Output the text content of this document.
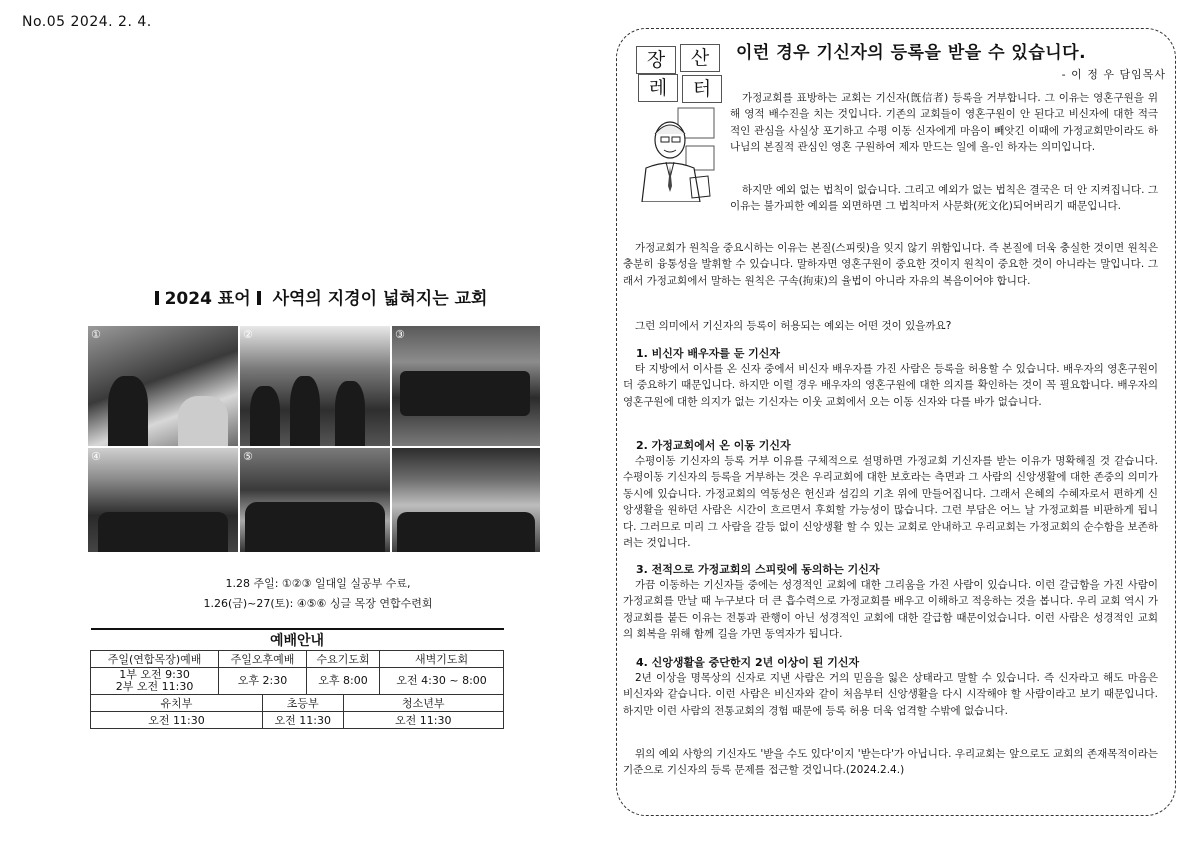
No.05 2024. 2. 4.
2024 표어 사역의 지경이 넓혀지는 교회
①	②	③
④	⑤
1.28 주일: ①②③ 일대일 실공부 수료,
1.26(금)~27(토): ④⑤⑥ 싱글 목장 연합수련회
예배안내					
주일(연합목장)예배	주일오후예배		수요기도회		새벽기도회
1부 오전 9:30
2부 오전 11:30	오후 2:30		오후 8:00		오전 4:30 ~ 8:00
유치부		초등부		청소년부	
오전 11:30		오전 11:30		오전 11:30	
장	산
레	터
이런 경우 기신자의 등록을 받을 수 있습니다.
- 이 정 우 담임목사

가정교회를 표방하는 교회는 기신자(旣信者) 등록을 거부합니다. 그 이유는 영혼구원을 위해 영적 배수진을 치는 것입니다. 기존의 교회들이 영혼구원이 안 된다고 비신자에 대한 적극적인 관심을 사실상 포기하고 수평 이동 신자에게 마음이 빼앗긴 이때에 가정교회만이라도 하나님의 본질적 관심인 영혼 구원하여 제자 만드는 일에 올-인 하자는 의미입니다.

하지만 예외 없는 법칙이 없습니다. 그리고 예외가 없는 법칙은 결국은 더 안 지켜집니다. 그 이유는 불가피한 예외를 외면하면 그 법칙마저 사문화(死文化)되어버리기 때문입니다.

가정교회가 원칙을 중요시하는 이유는 본질(스피릿)을 잊지 않기 위함입니다. 즉 본질에 더욱 충실한 것이면 원칙은 충분히 융통성을 발휘할 수 있습니다. 말하자면 영혼구원이 중요한 것이지 원칙이 중요한 것이 아니라는 말입니다. 그래서 가정교회에서 말하는 원칙은 구속(拘束)의 율법이 아니라 자유의 복음이어야 합니다.

그런 의미에서 기신자의 등록이 허용되는 예외는 어떤 것이 있을까요?

1. 비신자 배우자를 둔 기신자

타 지방에서 이사를 온 신자 중에서 비신자 배우자를 가진 사람은 등록을 허용할 수 있습니다. 배우자의 영혼구원이 더 중요하기 때문입니다. 하지만 이럴 경우 배우자의 영혼구원에 대한 의지를 확인하는 것이 꼭 필요합니다. 배우자의 영혼구원에 대한 의지가 없는 기신자는 이웃 교회에서 오는 이동 신자와 다를 바가 없습니다.

2. 가정교회에서 온 이동 기신자

수평이동 기신자의 등록 거부 이유를 구체적으로 설명하면 가정교회 기신자를 받는 이유가 명확해질 것 같습니다. 수평이동 기신자의 등록을 거부하는 것은 우리교회에 대한 보호라는 측면과 그 사람의 신앙생활에 대한 존중의 의미가 동시에 있습니다. 가정교회의 역동성은 헌신과 섬김의 기초 위에 만들어집니다. 그래서 은혜의 수혜자로서 편하게 신앙생활을 원하던 사람은 시간이 흐르면서 후회할 가능성이 많습니다. 그런 부담은 어느 날 가정교회를 비판하게 됩니다. 그러므로 미리 그 사람을 갈등 없이 신앙생활 할 수 있는 교회로 안내하고 우리교회는 가정교회의 순수함을 보존하려는 것입니다.

3. 전적으로 가정교회의 스피릿에 동의하는 기신자

가끔 이동하는 기신자들 중에는 성경적인 교회에 대한 그리움을 가진 사람이 있습니다. 이런 갈급함을 가진 사람이 가정교회를 만날 때 누구보다 더 큰 흡수력으로 가정교회를 배우고 이해하고 적응하는 것을 봅니다. 우리 교회 역시 가정교회를 붙든 이유는 전통과 관행이 아닌 성경적인 교회에 대한 갈급함 때문이었습니다. 이런 사람은 성경적인 교회의 회복을 위해 함께 길을 가면 동역자가 됩니다.

4. 신앙생활을 중단한지 2년 이상이 된 기신자

2년 이상을 명목상의 신자로 지낸 사람은 거의 믿음을 잃은 상태라고 말할 수 있습니다. 즉 신자라고 해도 마음은 비신자와 같습니다. 이런 사람은 비신자와 같이 처음부터 신앙생활을 다시 시작해야 할 사람이라고 보기 때문입니다. 하지만 이런 사람의 전통교회의 경험 때문에 등록 허용 더욱 엄격할 수밖에 없습니다.

위의 예외 사항의 기신자도 '받을 수도 있다'이지 '받는다'가 아닙니다. 우리교회는 앞으로도 교회의 존재목적이라는 기준으로 기신자의 등록 문제를 접근할 것입니다.(2024.2.4.)
